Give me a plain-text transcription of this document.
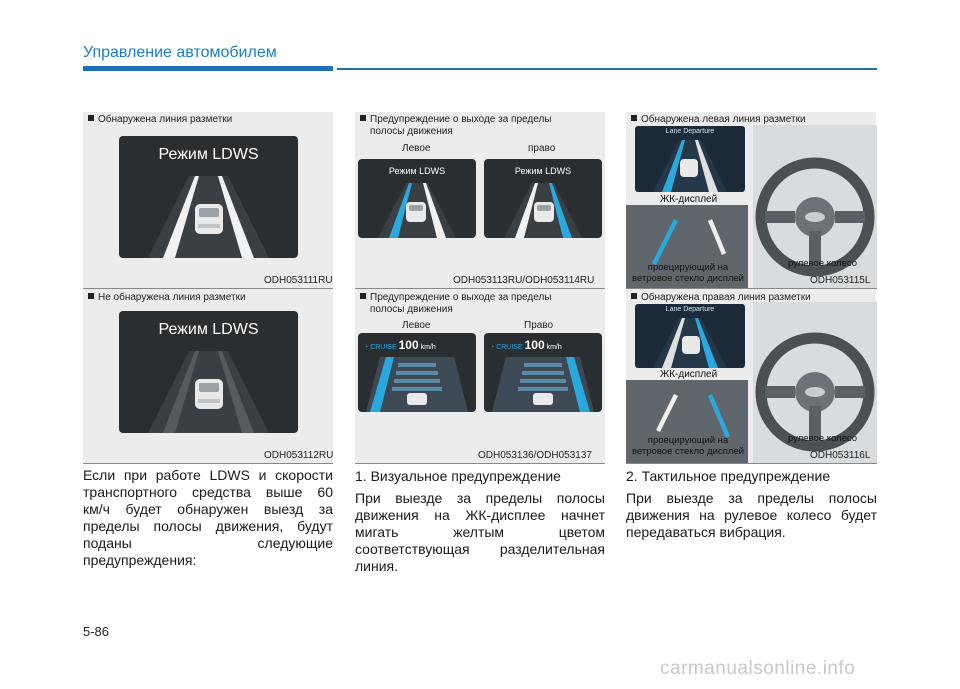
Управление автомобилем
Обнаружена линия разметки
Режим LDWS
ODH053111RU
Не обнаружена линия разметки
Режим LDWS
ODH053112RU
Если при работе LDWS и скорости
транспортного средства выше 60
км/ч будет обнаружен выезд за
пределы полосы движения, будут
поданы следующие
предупреждения:
Предупреждение о выходе за пределы
полосы движения
Левое	право
Режим LDWS	Режим LDWS
ODH053113RU/ODH053114RU
Предупреждение о выходе за пределы
полосы движения
Левое	Право
◔ CRUISE 100 km/h	◔ CRUISE 100 km/h
ODH053136/ODH053137
1. Визуальное предупреждение
При выезде за пределы полосы
движения на ЖК-дисплее начнет
мигать желтым цветом
соответствующая разделительная
линия.
Обнаружена левая линия разметки
Lane Departure
ЖК-дисплей
проецирующий на
ветровое стекло дисплей
рулевое колесо
ODH053115L
Обнаружена правая линия разметки
Lane Departure
ЖК-дисплей
проецирующий на
ветровое стекло дисплей
рулевое колесо
ODH053116L
2. Тактильное предупреждение
При выезде за пределы полосы
движения на рулевое колесо будет
передаваться вибрация.
5-86
carmanualsonline.info
